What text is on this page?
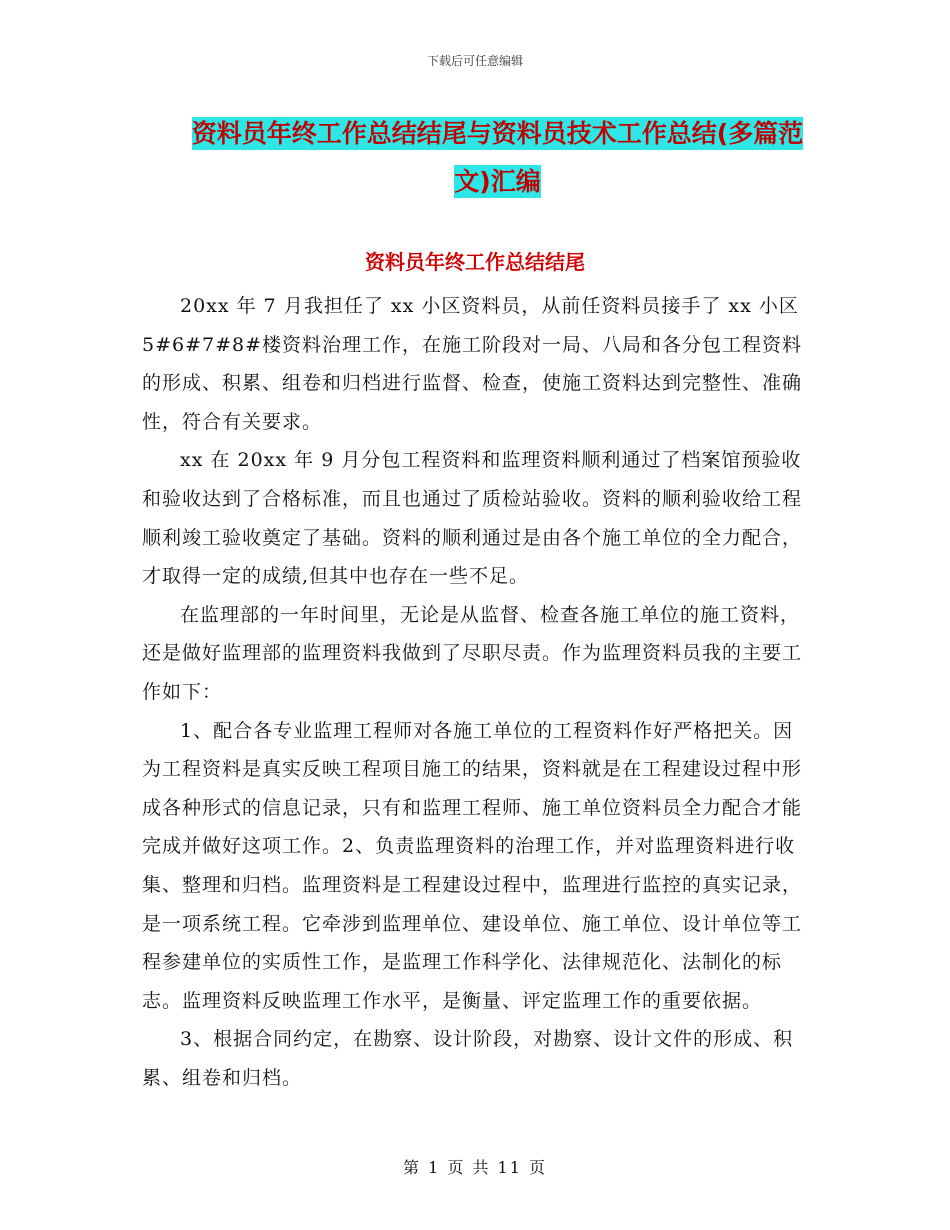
下载后可任意编辑
资料员年终工作总结结尾与资料员技术工作总结(多篇范文)汇编
资料员年终工作总结结尾

20xx 年 7 月我担任了 xx 小区资料员，从前任资料员接手了 xx 小区 5#6#7#8#楼资料治理工作，在施工阶段对一局、八局和各分包工程资料的形成、积累、组卷和归档进行监督、检查，使施工资料达到完整性、准确性，符合有关要求。

xx 在 20xx 年 9 月分包工程资料和监理资料顺利通过了档案馆预验收和验收达到了合格标准，而且也通过了质检站验收。资料的顺利验收给工程顺利竣工验收奠定了基础。资料的顺利通过是由各个施工单位的全力配合，才取得一定的成绩,但其中也存在一些不足。

在监理部的一年时间里，无论是从监督、检查各施工单位的施工资料，还是做好监理部的监理资料我做到了尽职尽责。作为监理资料员我的主要工作如下：

1、配合各专业监理工程师对各施工单位的工程资料作好严格把关。因为工程资料是真实反映工程项目施工的结果，资料就是在工程建设过程中形成各种形式的信息记录，只有和监理工程师、施工单位资料员全力配合才能完成并做好这项工作。2、负责监理资料的治理工作，并对监理资料进行收集、整理和归档。监理资料是工程建设过程中，监理进行监控的真实记录，是一项系统工程。它牵涉到监理单位、建设单位、施工单位、设计单位等工程参建单位的实质性工作，是监理工作科学化、法律规范化、法制化的标志。监理资料反映监理工作水平，是衡量、评定监理工作的重要依据。

3、根据合同约定，在勘察、设计阶段，对勘察、设计文件的形成、积累、组卷和归档。

第 1 页 共 11 页
